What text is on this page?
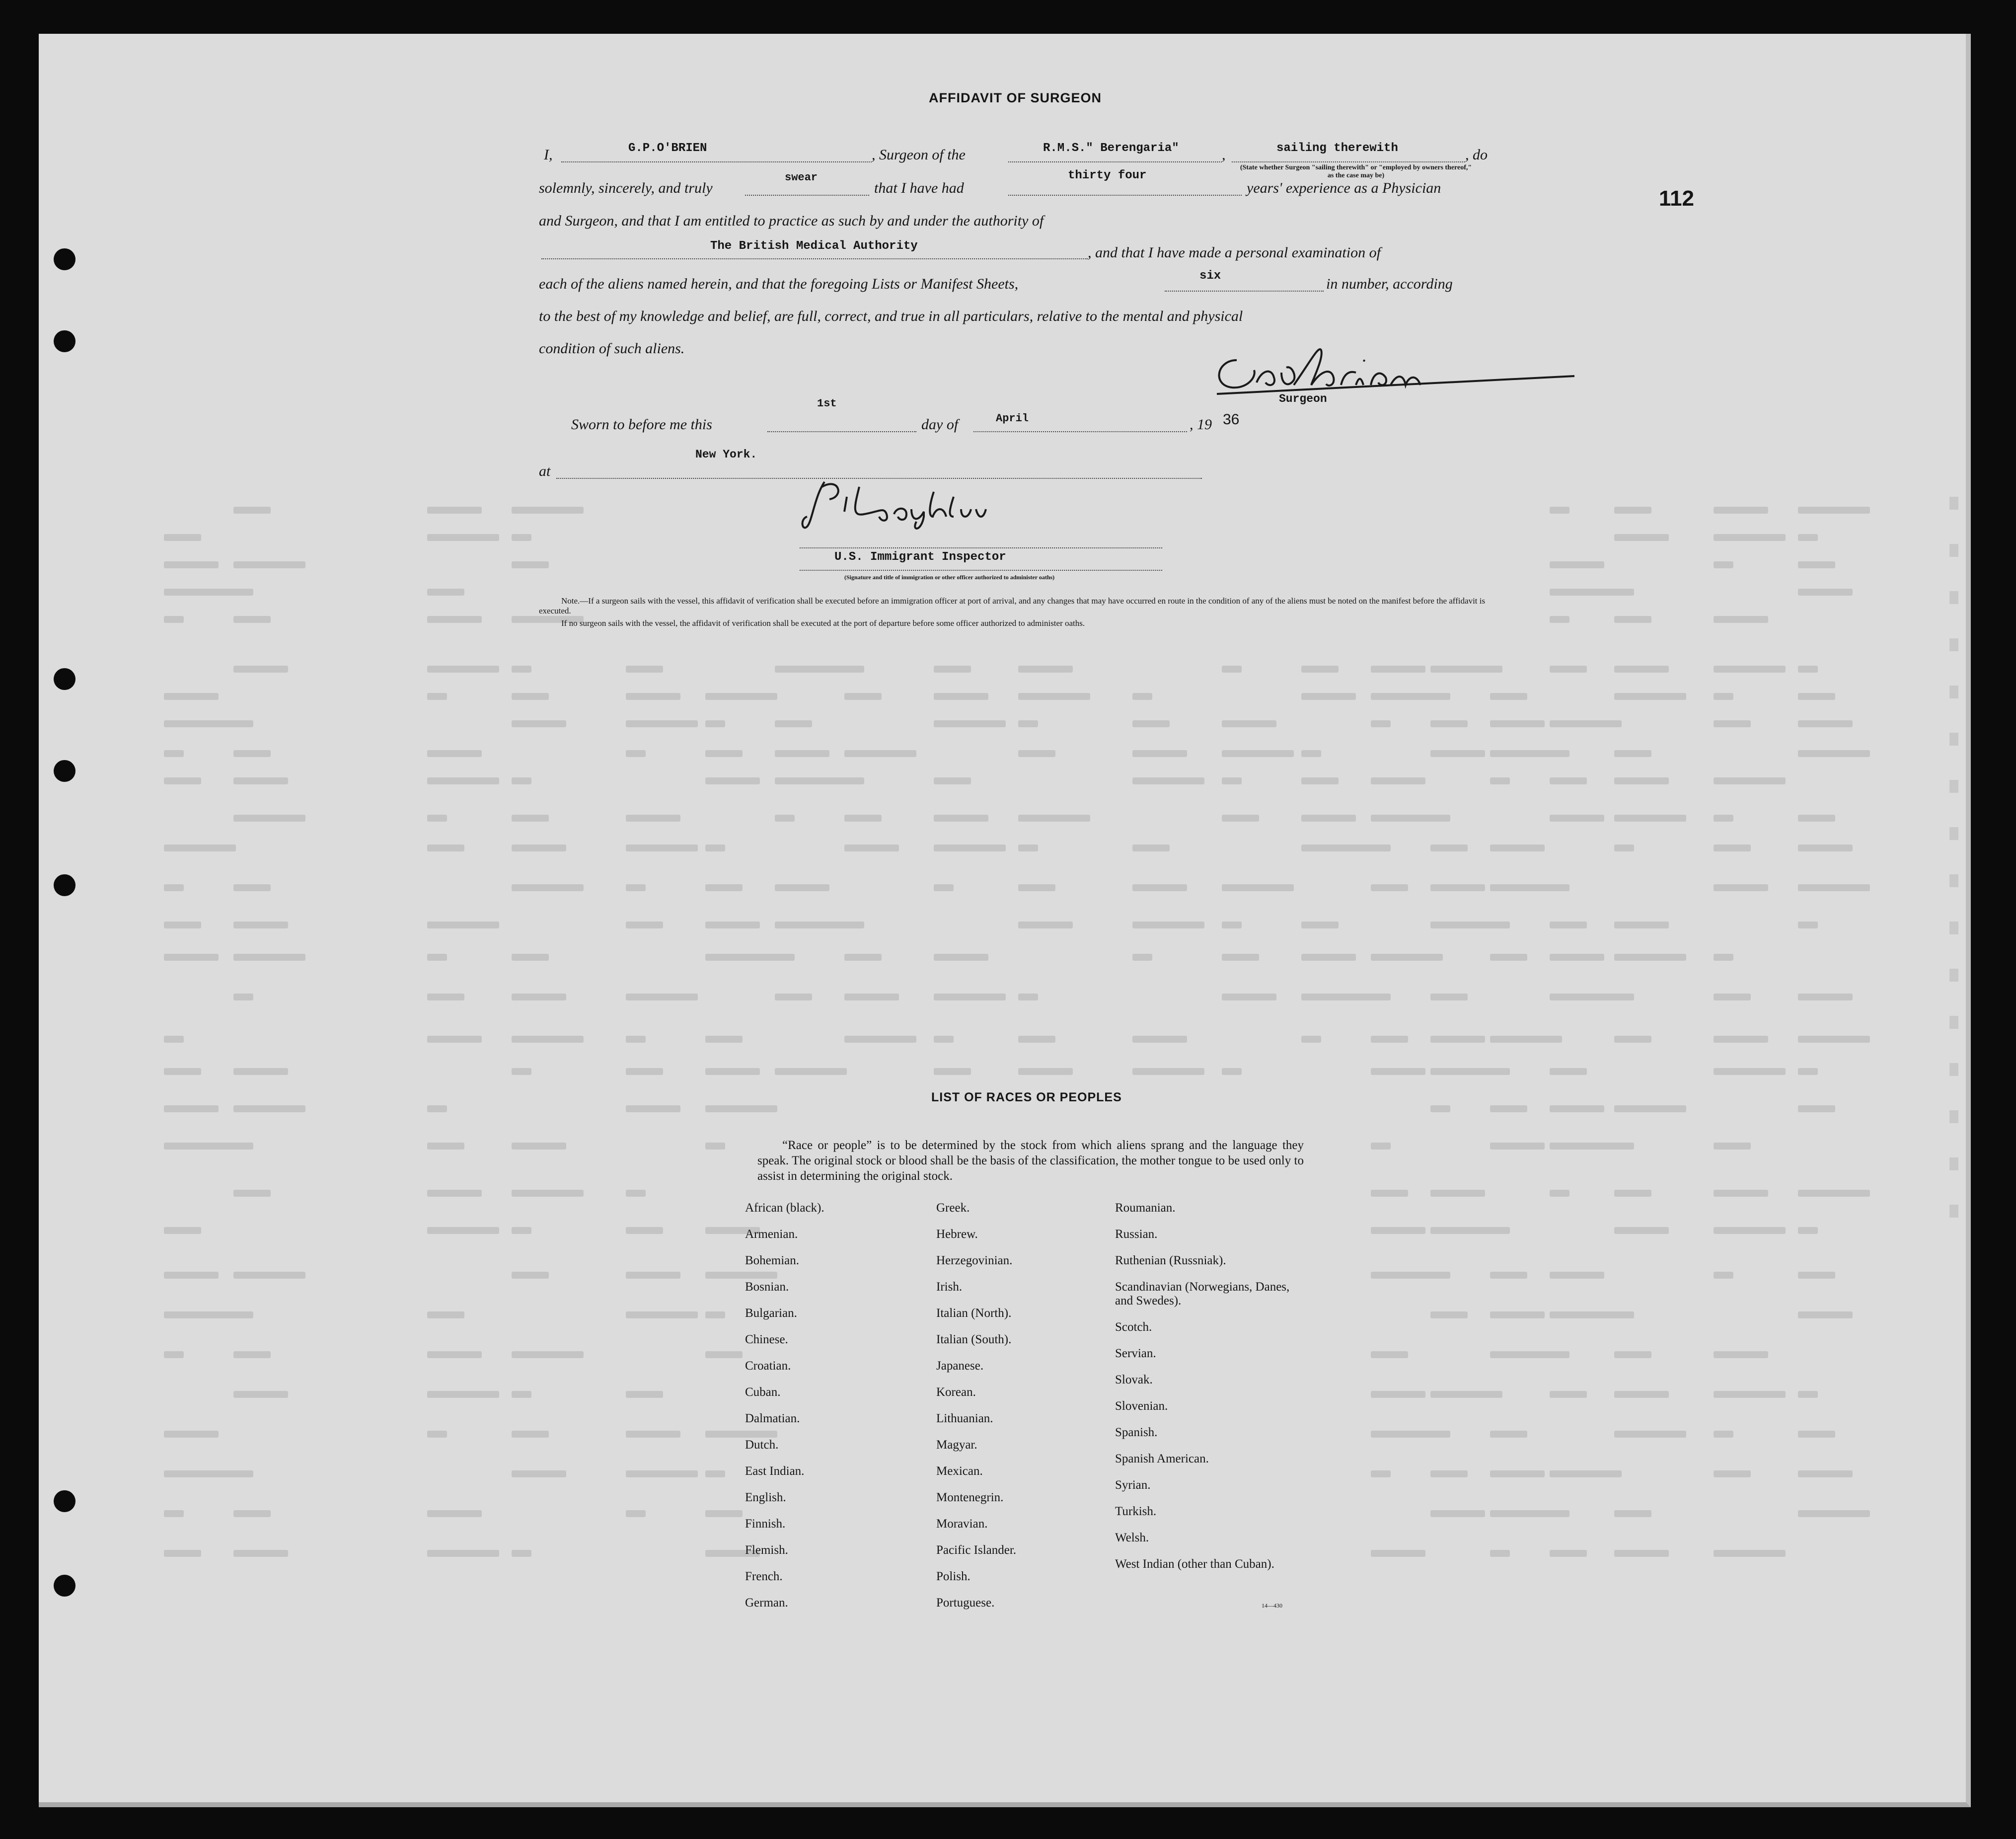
112
AFFIDAVIT OF SURGEON
I,	G.P.O'BRIEN	, Surgeon of the	R.M.S." Berengaria"	,	sailing therewith	, do
(State whether Surgeon "sailing therewith" or "employed by owners thereof," as the case may be)
solemnly, sincerely, and truly
swear
that I have had
thirty four
years' experience as a Physician
and Surgeon, and that I am entitled to practice as such by and under the authority of
The British Medical Authority	, and that I have made a personal examination of
each of the aliens named herein, and that the foregoing Lists or Manifest Sheets,	six	in number, according
to the best of my knowledge and belief, are full, correct, and true in all particulars, relative to the mental and physical
condition of such aliens.
Surgeon
Sworn to before me this
1st
day of	April	, 19 36
at
New York.
U.S. Immigrant Inspector
(Signature and title of immigration or other officer authorized to administer oaths)
Note.—If a surgeon sails with the vessel, this affidavit of verification shall be executed before an immigration officer at port of arrival, and any changes that may have occurred en route in the condition of any of the aliens must be noted on the manifest before the affidavit is executed.
If no surgeon sails with the vessel, the affidavit of verification shall be executed at the port of departure before some officer authorized to administer oaths.
LIST OF RACES OR PEOPLES
“Race or people” is to be determined by the stock from which aliens sprang and the language they speak. The original stock or blood shall be the basis of the classification, the mother tongue to be used only to assist in determining the original stock.
African (black).
Armenian.
Bohemian.
Bosnian.
Bulgarian.
Chinese.
Croatian.
Cuban.
Dalmatian.
Dutch.
East Indian.
English.
Finnish.
Flemish.
French.
German.
Greek.
Hebrew.
Herzegovinian.
Irish.
Italian (North).
Italian (South).
Japanese.
Korean.
Lithuanian.
Magyar.
Mexican.
Montenegrin.
Moravian.
Pacific Islander.
Polish.
Portuguese.
Roumanian.
Russian.
Ruthenian (Russniak).
Scandinavian (Norwegians, Danes, and Swedes).
Scotch.
Servian.
Slovak.
Slovenian.
Spanish.
Spanish American.
Syrian.
Turkish.
Welsh.
West Indian (other than Cuban).
14—430
